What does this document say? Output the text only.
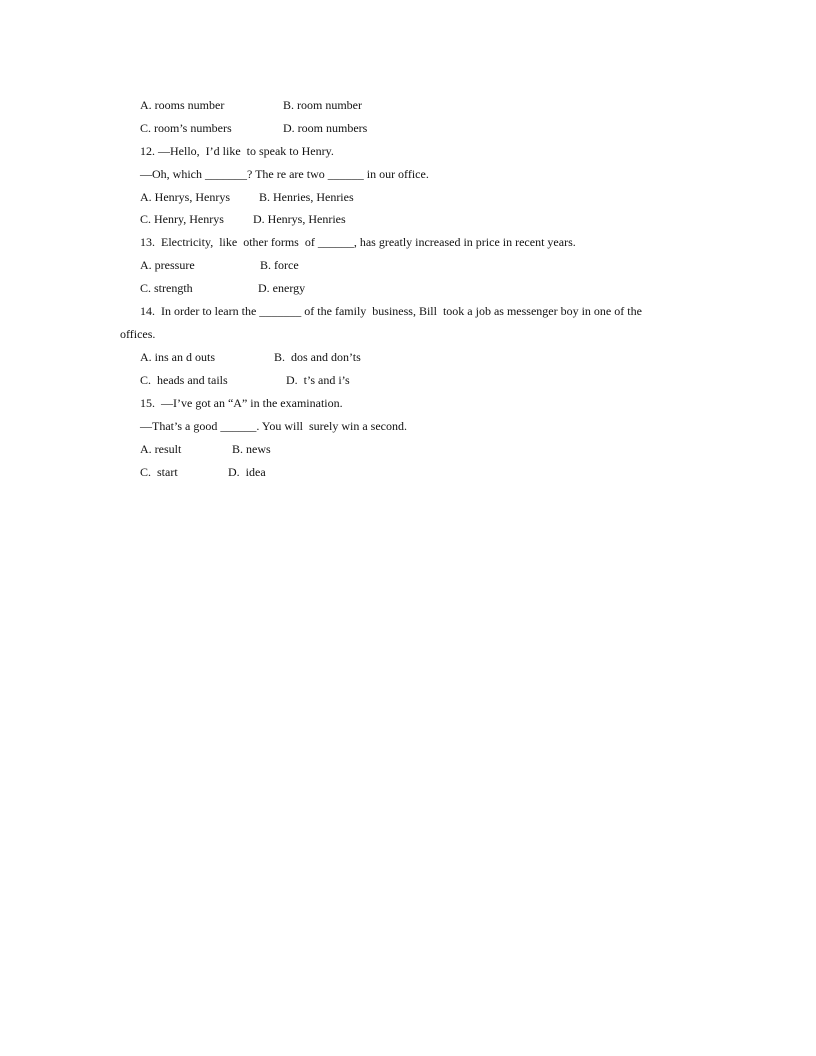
A. rooms number	B. room number
C. room’s numbers	D. room numbers
12. —Hello,  I’d like  to speak to Henry.
—Oh, which _______? The re are two ______ in our office.
A. Henrys, Henrys B. Henries, Henries
C. Henry, Henrys D. Henrys, Henries
13.  Electricity,  like  other forms  of ______, has greatly increased in price in recent years.
A. pressure	B. force
C. strength	D. energy
14.  In order to learn the _______ of the family  business, Bill  took a job as messenger boy in one of the
offices.
A. ins an d outs	B.  dos and don’ts
C.  heads and tails	D.  t’s and i’s
15.  —I’ve got an “A” in the examination.
—That’s a good ______. You will  surely win a second.
A. result	B. news
C.  start	D.  idea
